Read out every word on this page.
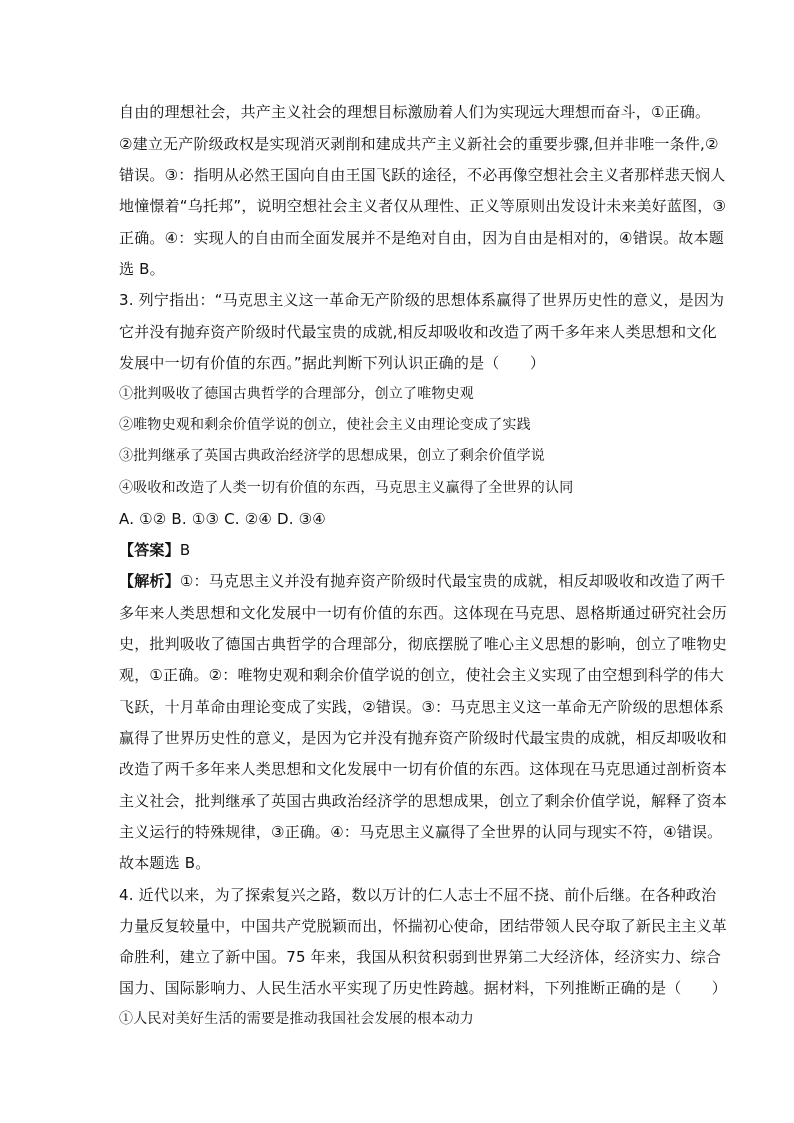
自由的理想社会，共产主义社会的理想目标激励着人们为实现远大理想而奋斗，①正确。
②建立无产阶级政权是实现消灭剥削和建成共产主义新社会的重要步骤,但并非唯一条件,②
错误。③：指明从必然王国向自由王国飞跃的途径，不必再像空想社会主义者那样悲天悯人
地憧憬着“乌托邦”，说明空想社会主义者仅从理性、正义等原则出发设计未来美好蓝图，③
正确。④：实现人的自由而全面发展并不是绝对自由，因为自由是相对的，④错误。故本题
选 B。
3. 列宁指出：“马克思主义这一革命无产阶级的思想体系赢得了世界历史性的意义，是因为
它并没有抛弃资产阶级时代最宝贵的成就,相反却吸收和改造了两千多年来人类思想和文化
发展中一切有价值的东西。”据此判断下列认识正确的是（　　）
①批判吸收了德国古典哲学的合理部分，创立了唯物史观
②唯物史观和剩余价值学说的创立，使社会主义由理论变成了实践
③批判继承了英国古典政治经济学的思想成果，创立了剩余价值学说
④吸收和改造了人类一切有价值的东西，马克思主义赢得了全世界的认同
A. ①② B. ①③ C. ②④ D. ③④
【答案】B
【解析】①：马克思主义并没有抛弃资产阶级时代最宝贵的成就，相反却吸收和改造了两千
多年来人类思想和文化发展中一切有价值的东西。这体现在马克思、恩格斯通过研究社会历
史，批判吸收了德国古典哲学的合理部分，彻底摆脱了唯心主义思想的影响，创立了唯物史
观，①正确。②：唯物史观和剩余价值学说的创立，使社会主义实现了由空想到科学的伟大
飞跃，十月革命由理论变成了实践，②错误。③：马克思主义这一革命无产阶级的思想体系
赢得了世界历史性的意义，是因为它并没有抛弃资产阶级时代最宝贵的成就，相反却吸收和
改造了两千多年来人类思想和文化发展中一切有价值的东西。这体现在马克思通过剖析资本
主义社会，批判继承了英国古典政治经济学的思想成果，创立了剩余价值学说，解释了资本
主义运行的特殊规律，③正确。④：马克思主义赢得了全世界的认同与现实不符，④错误。
故本题选 B。
4. 近代以来，为了探索复兴之路，数以万计的仁人志士不屈不挠、前仆后继。在各种政治
力量反复较量中，中国共产党脱颖而出，怀揣初心使命，团结带领人民夺取了新民主主义革
命胜利，建立了新中国。75 年来，我国从积贫积弱到世界第二大经济体，经济实力、综合
国力、国际影响力、人民生活水平实现了历史性跨越。据材料，下列推断正确的是（　　）
①人民对美好生活的需要是推动我国社会发展的根本动力
